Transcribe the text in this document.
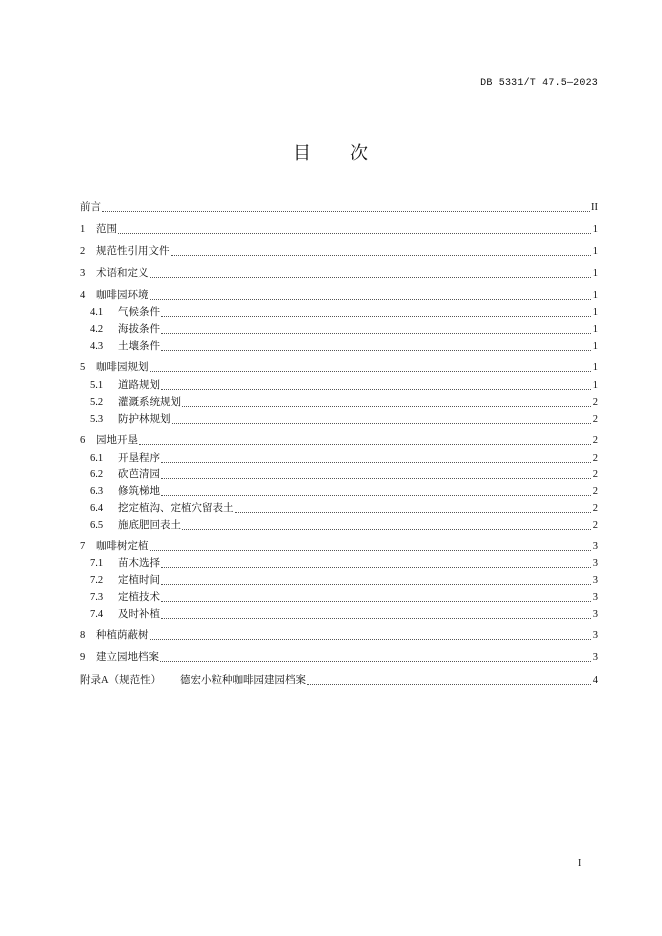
DB 5331/T 47.5—2023
目　　次
前言	II
1	范围	1
2	规范性引用文件	1
3	术语和定义	1
4	咖啡园环境	1
4.1	气候条件	1
4.2	海拔条件	1
4.3	土壤条件	1
5	咖啡园规划	1
5.1	道路规划	1
5.2	灌溉系统规划	2
5.3	防护林规划	2
6	园地开垦	2
6.1	开垦程序	2
6.2	砍芭清园	2
6.3	修筑梯地	2
6.4	挖定植沟、定植穴留表土	2
6.5	施底肥回表土	2
7	咖啡树定植	3
7.1	苗木选择	3
7.2	定植时间	3
7.3	定植技术	3
7.4	及时补植	3
8	种植荫蔽树	3
9	建立园地档案	3
附录A（规范性）	德宏小粒种咖啡园建园档案	4
I
